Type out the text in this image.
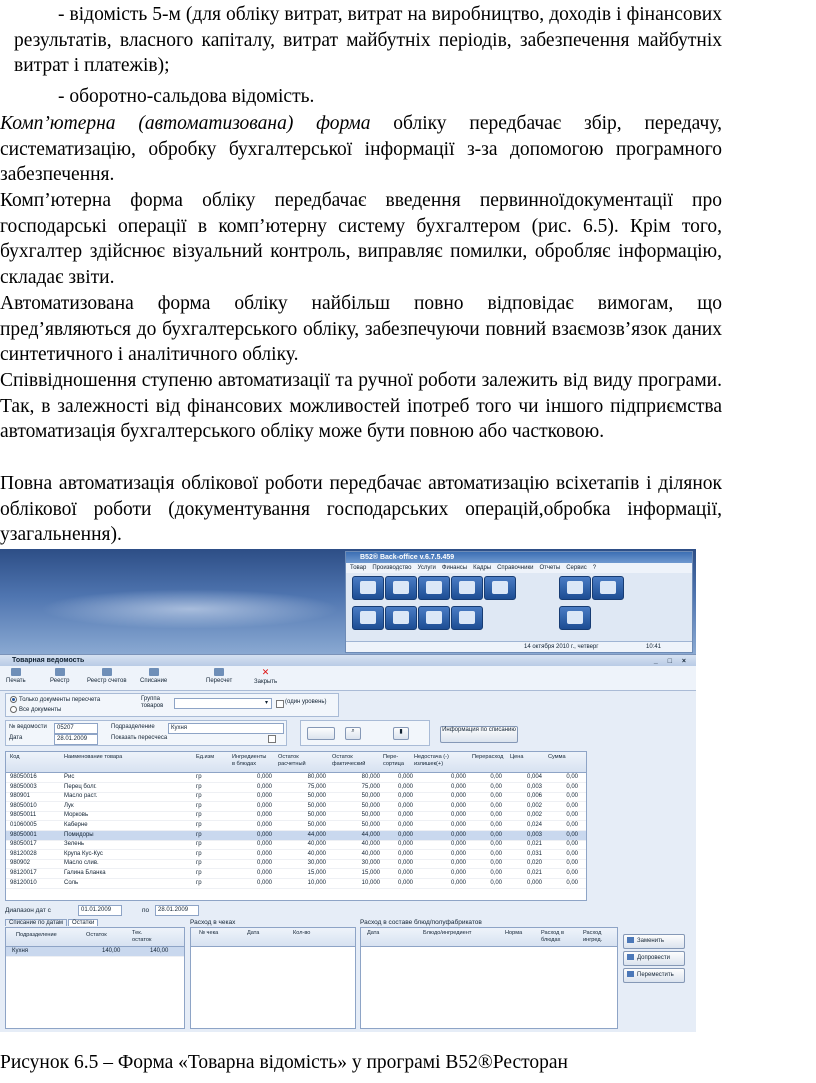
- відомість 5-м (для обліку витрат, витрат на виробництво, доходів і фінансових результатів, власного капіталу, витрат майбутніх періодів, забезпечення майбутніх витрат і платежів);
- оборотно-сальдова відомість.
Комп’ютерна (автоматизована) форма обліку передбачає збір, передачу, систематизацію, обробку бухгалтерської інформації з-за допомогою програмного забезпечення.
Комп’ютерна форма обліку передбачає введення первинноїдокументації про господарські операції в комп’ютерну систему бухгалтером (рис. 6.5). Крім того, бухгалтер здійснює візуальний контроль, виправляє помилки, обробляє інформацію, складає звіти.
Автоматизована форма обліку найбільш повно відповідає вимогам, що пред’являються до бухгалтерського обліку, забезпечуючи повний взаємозв’язок даних синтетичного і аналітичного обліку.
Співвідношення ступеню автоматизації та ручної роботи залежить від виду програми. Так, в залежності від фінансових можливостей іпотреб того чи іншого підприємства автоматизація бухгалтерського обліку може бути повною або частковою.
Повна автоматизація облікової роботи передбачає автоматизацію всіхетапів і ділянок облікової роботи (документування господарських операцій,обробка інформації, узагальнення).
B52® Back-office v.6.7.5.459
Товар Производство Услуги Финансы Кадры Справочники Отчеты Сервис ?
14 октября 2010 г., четверг	10:41
Товарная ведомость	_ □ ×
Печать	Реестр	Реестр счетов Списание	Пересчет
✕
Закрыть
Только документы пересчета
Все документы
Группа товаров	▾	(один уровень)
№ ведомости	05207
Дата	28.01.2009
Подразделение	Кухня
Показать пересчеса
⌕	▮	Информация по списанию
Код	Наименование товара	Ед.изм	Ингредиенты в блюдах
Остаток расчетный
Остаток фактический
Пере-сортица
Недостача (-) излишек(+)
Перерасход Цена	Сумма
98050016	Рис	гр	0,000	80,000	80,000	0,000	0,000	0,00	0,004	0,00
98050003	Перец болг.	гр	0,000	75,000	75,000	0,000	0,000	0,00	0,003	0,00
980901	Масло раст.	гр	0,000	50,000	50,000	0,000	0,000	0,00	0,006	0,00
98050010	Лук	гр	0,000	50,000	50,000	0,000	0,000	0,00	0,002	0,00
98050011	Морковь	гр	0,000	50,000	50,000	0,000	0,000	0,00	0,002	0,00
01060005	Каберне	гр	0,000	50,000	50,000	0,000	0,000	0,00	0,024	0,00
98050001	Помидоры	гр	0,000	44,000	44,000	0,000	0,000	0,00	0,003	0,00
98050017	Зелень	гр	0,000	40,000	40,000	0,000	0,000	0,00	0,021	0,00
98120028	Крупа Кус-Кус	гр	0,000	40,000	40,000	0,000	0,000	0,00	0,031	0,00
980902	Масло слив.	гр	0,000	30,000	30,000	0,000	0,000	0,00	0,020	0,00
98120017	Галина Бланка	гр	0,000	15,000	15,000	0,000	0,000	0,00	0,021	0,00
98120010	Соль	гр	0,000	10,000	10,000	0,000	0,000	0,00	0,000	0,00
Диапазон дат с	01.01.2009	по	28.01.2009
Списание по датам Остатки
Подразделение	Остаток	Тек. остаток
Кухня	140,00	140,00
Расход в чеках
№ чека	Дата	Кол-во
Расход в составе блюд/полуфабрикатов
Дата	Блюдо/ингредиент	Норма	Расход в блюдах
Расход ингред.	Заменить
Допровести
Переместить
Рисунок 6.5 – Форма «Товарна відомість» у програмі B52®Ресторан
